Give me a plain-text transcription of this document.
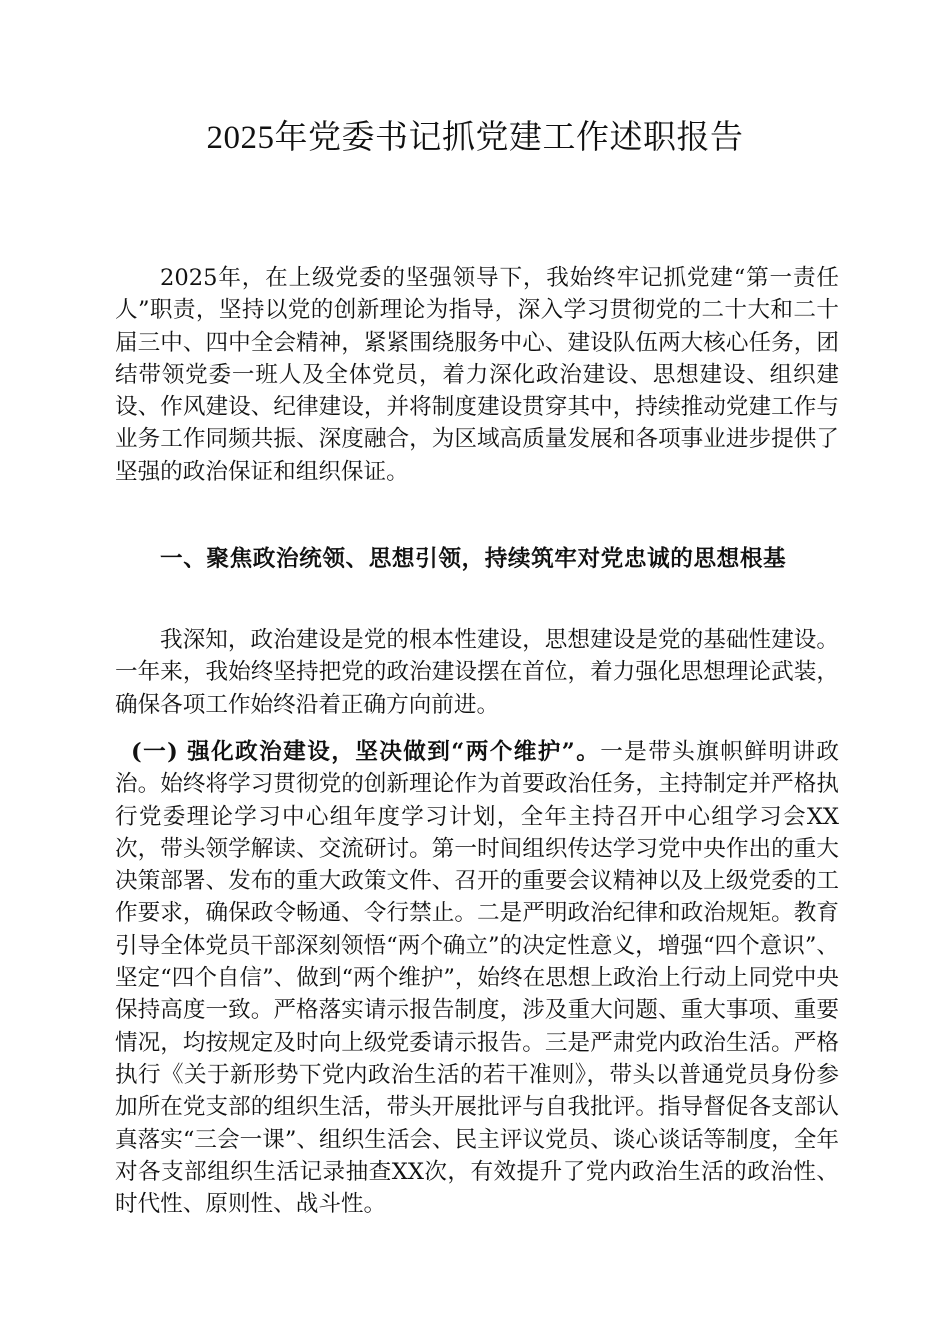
2025年党委书记抓党建工作述职报告

2025年，在上级党委的坚强领导下，我始终牢记抓党建“第一责任人”职责，坚持以党的创新理论为指导，深入学习贯彻党的二十大和二十届三中、四中全会精神，紧紧围绕服务中心、建设队伍两大核心任务，团结带领党委一班人及全体党员，着力深化政治建设、思想建设、组织建设、作风建设、纪律建设，并将制度建设贯穿其中，持续推动党建工作与业务工作同频共振、深度融合，为区域高质量发展和各项事业进步提供了坚强的政治保证和组织保证。

一、聚焦政治统领、思想引领，持续筑牢对党忠诚的思想根基

我深知，政治建设是党的根本性建设，思想建设是党的基础性建设。一年来，我始终坚持把党的政治建设摆在首位，着力强化思想理论武装，确保各项工作始终沿着正确方向前进。

(一) 强化政治建设，坚决做到“两个维护”。一是带头旗帜鲜明讲政治。始终将学习贯彻党的创新理论作为首要政治任务，主持制定并严格执行党委理论学习中心组年度学习计划，全年主持召开中心组学习会XX次，带头领学解读、交流研讨。第一时间组织传达学习党中央作出的重大决策部署、发布的重大政策文件、召开的重要会议精神以及上级党委的工作要求，确保政令畅通、令行禁止。二是严明政治纪律和政治规矩。教育引导全体党员干部深刻领悟“两个确立”的决定性意义，增强“四个意识”、坚定“四个自信”、做到“两个维护”，始终在思想上政治上行动上同党中央保持高度一致。严格落实请示报告制度，涉及重大问题、重大事项、重要情况，均按规定及时向上级党委请示报告。三是严肃党内政治生活。严格执行《关于新形势下党内政治生活的若干准则》，带头以普通党员身份参加所在党支部的组织生活，带头开展批评与自我批评。指导督促各支部认真落实“三会一课”、组织生活会、民主评议党员、谈心谈话等制度，全年对各支部组织生活记录抽查XX次，有效提升了党内政治生活的政治性、时代性、原则性、战斗性。
